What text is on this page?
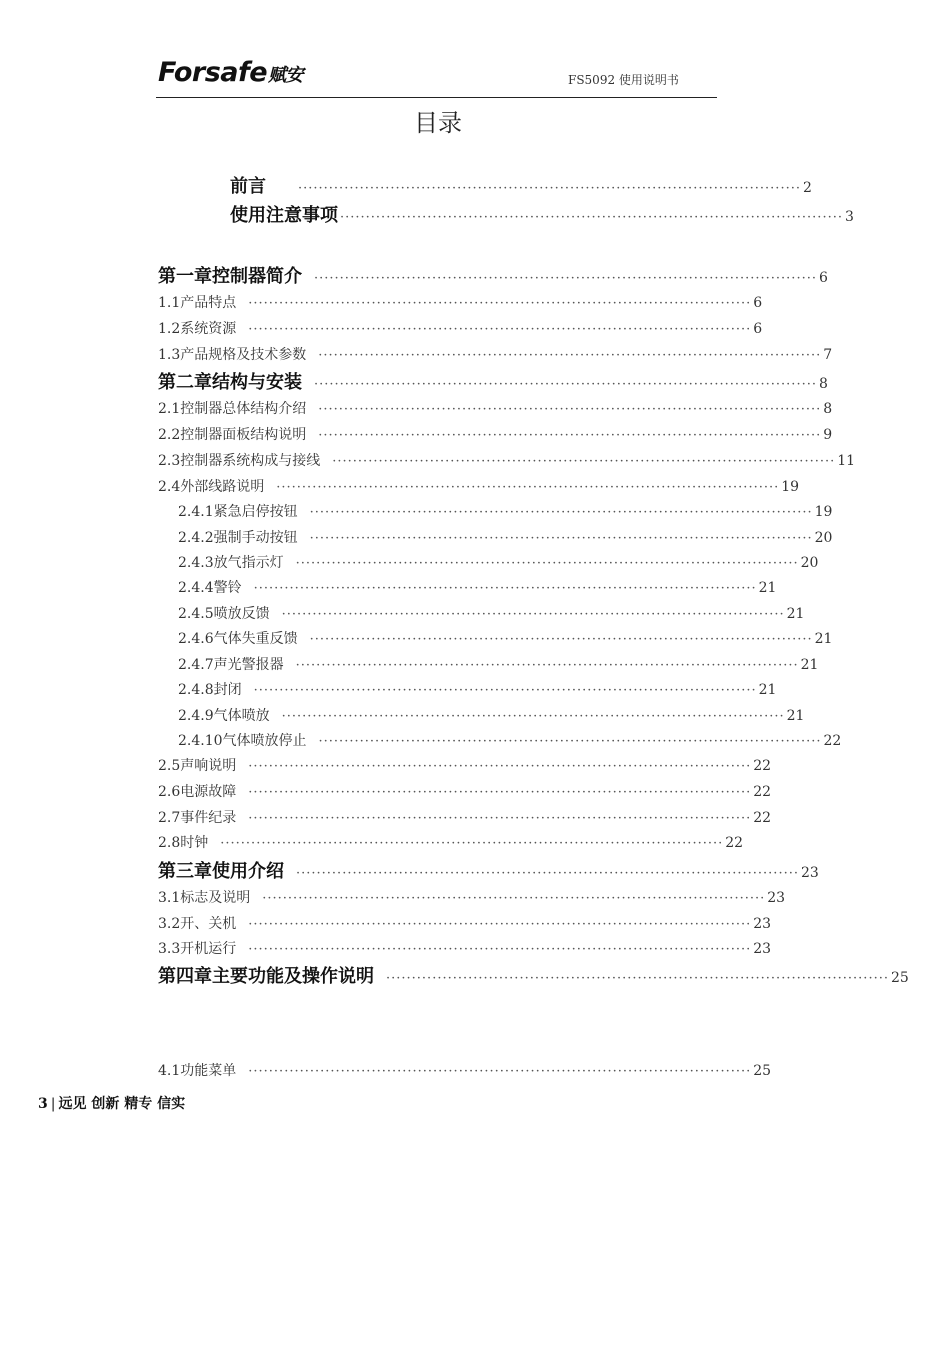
Forsafe赋安	FS5092 使用说明书
目录
前言 ·································································································· 2
使用注意事项 ·································································································· 3
第一章 控制器简介 ·································································································· 6
1.1 产品特点 ·································································································· 6
1.2 系统资源 ·································································································· 6
1.3 产品规格及技术参数 ·································································································· 7
第二章 结构与安装 ·································································································· 8
2.1 控制器总体结构介绍 ·································································································· 8
2.2 控制器面板结构说明 ·································································································· 9
2.3 控制器系统构成与接线 ·································································································· 11
2.4 外部线路说明 ·································································································· 19
2.4.1 紧急启停按钮 ·································································································· 19
2.4.2 强制手动按钮 ·································································································· 20
2.4.3 放气指示灯 ·································································································· 20
2.4.4 警铃 ·································································································· 21
2.4.5 喷放反馈 ·································································································· 21
2.4.6 气体失重反馈 ·································································································· 21
2.4.7 声光警报器 ·································································································· 21
2.4.8 封闭 ·································································································· 21
2.4.9 气体喷放 ·································································································· 21
2.4.10 气体喷放停止 ·································································································· 22
2.5 声响说明 ·································································································· 22
2.6 电源故障 ·································································································· 22
2.7 事件纪录 ·································································································· 22
2.8 时钟 ·································································································· 22
第三章 使用介绍 ·································································································· 23
3.1 标志及说明 ·································································································· 23
3.2 开、关机 ·································································································· 23
3.3 开机运行 ·································································································· 23
第四章 主要功能及操作说明 ·································································································· 25
4.1 功能菜单 ·································································································· 25
3 | 远见 创新 精专 信实
